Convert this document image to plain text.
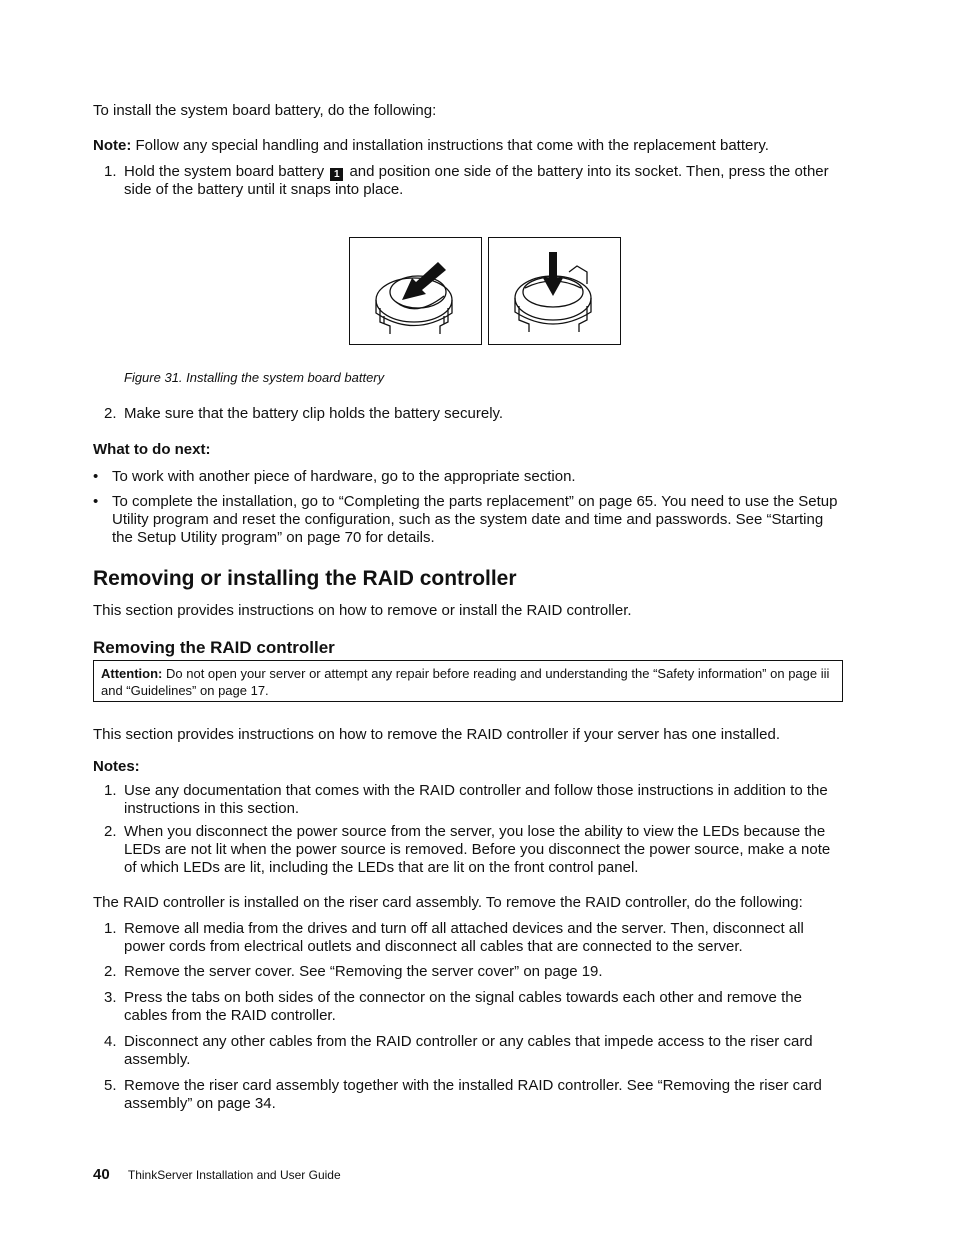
To install the system board battery, do the following:
Note: Follow any special handling and installation instructions that come with the replacement battery.
1. Hold the system board battery 1 and position one side of the battery into its socket. Then, press the other side of the battery until it snaps into place.
Figure 31. Installing the system board battery
2. Make sure that the battery clip holds the battery securely.
What to do next:
• To work with another piece of hardware, go to the appropriate section.
• To complete the installation, go to “Completing the parts replacement” on page 65. You need to use the Setup Utility program and reset the configuration, such as the system date and time and passwords. See “Starting the Setup Utility program” on page 70 for details.
Removing or installing the RAID controller
This section provides instructions on how to remove or install the RAID controller.
Removing the RAID controller
Attention: Do not open your server or attempt any repair before reading and understanding the “Safety information” on page iii and “Guidelines” on page 17.
This section provides instructions on how to remove the RAID controller if your server has one installed.
Notes:
1. Use any documentation that comes with the RAID controller and follow those instructions in addition to the instructions in this section.
2. When you disconnect the power source from the server, you lose the ability to view the LEDs because the LEDs are not lit when the power source is removed. Before you disconnect the power source, make a note of which LEDs are lit, including the LEDs that are lit on the front control panel.
The RAID controller is installed on the riser card assembly. To remove the RAID controller, do the following:
1. Remove all media from the drives and turn off all attached devices and the server. Then, disconnect all power cords from electrical outlets and disconnect all cables that are connected to the server.
2. Remove the server cover. See “Removing the server cover” on page 19.
3. Press the tabs on both sides of the connector on the signal cables towards each other and remove the cables from the RAID controller.
4. Disconnect any other cables from the RAID controller or any cables that impede access to the riser card assembly.
5. Remove the riser card assembly together with the installed RAID controller. See “Removing the riser card assembly” on page 34.
40 ThinkServer Installation and User Guide
